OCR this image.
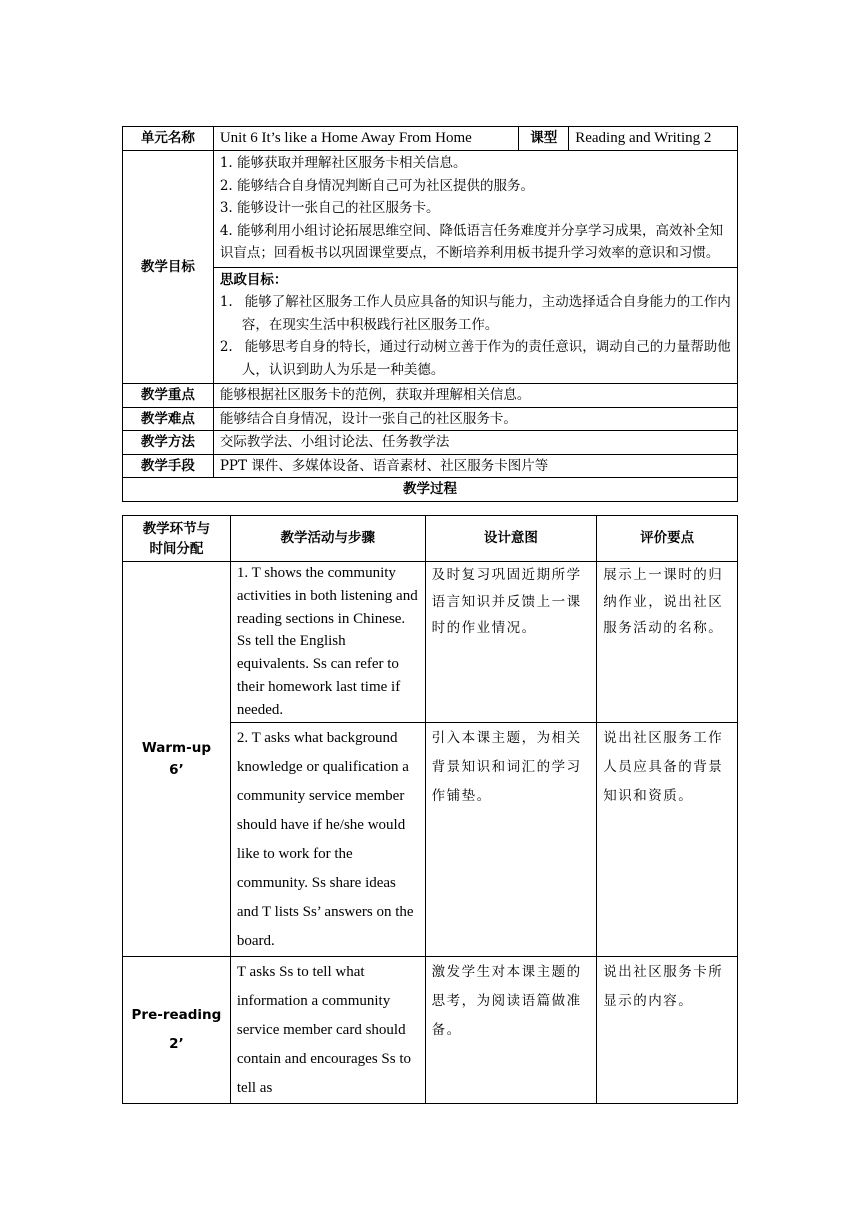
单元名称	Unit 6 It’s like a Home Away From Home	课型	Reading and Writing 2
教学目标	1. 能够获取并理解社区服务卡相关信息。

2. 能够结合自身情况判断自己可为社区提供的服务。

3. 能够设计一张自己的社区服务卡。

4. 能够利用小组讨论拓展思维空间、降低语言任务难度并分享学习成果，高效补全知识盲点；回看板书以巩固课堂要点，不断培养利用板书提升学习效率的意识和习惯。		

	思政目标：

1. 能够了解社区服务工作人员应具备的知识与能力，主动选择适合自身能力的工作内容，在现实生活中积极践行社区服务工作。
2. 能够思考自身的特长，通过行动树立善于作为的责任意识，调动自己的力量帮助他人，认识到助人为乐是一种美德。		

教学重点	能够根据社区服务卡的范例，获取并理解相关信息。		
教学难点	能够结合自身情况，设计一张自己的社区服务卡。		
教学方法	交际教学法、小组讨论法、任务教学法		
教学手段	PPT 课件、多媒体设备、语音素材、社区服务卡图片等		
教学过程			
教学环节与
时间分配	教学活动与步骤	设计意图	评价要点
Warm-up
6’	1. T shows the community activities in both listening and reading sections in Chinese. Ss tell the English equivalents. Ss can refer to their homework last time if needed.	及时复习巩固近期所学语言知识并反馈上一课时的作业情况。	展示上一课时的归纳作业，说出社区服务活动的名称。
	2. T asks what background knowledge or qualification a community service member should have if he/she would like to work for the community. Ss share ideas and T lists Ss’ answers on the board.	引入本课主题，为相关背景知识和词汇的学习作铺垫。	说出社区服务工作人员应具备的背景知识和资质。
Pre-reading
2’	T asks Ss to tell what information a community service member card should contain and encourages Ss to tell as	激发学生对本课主题的思考，为阅读语篇做准备。	说出社区服务卡所显示的内容。
